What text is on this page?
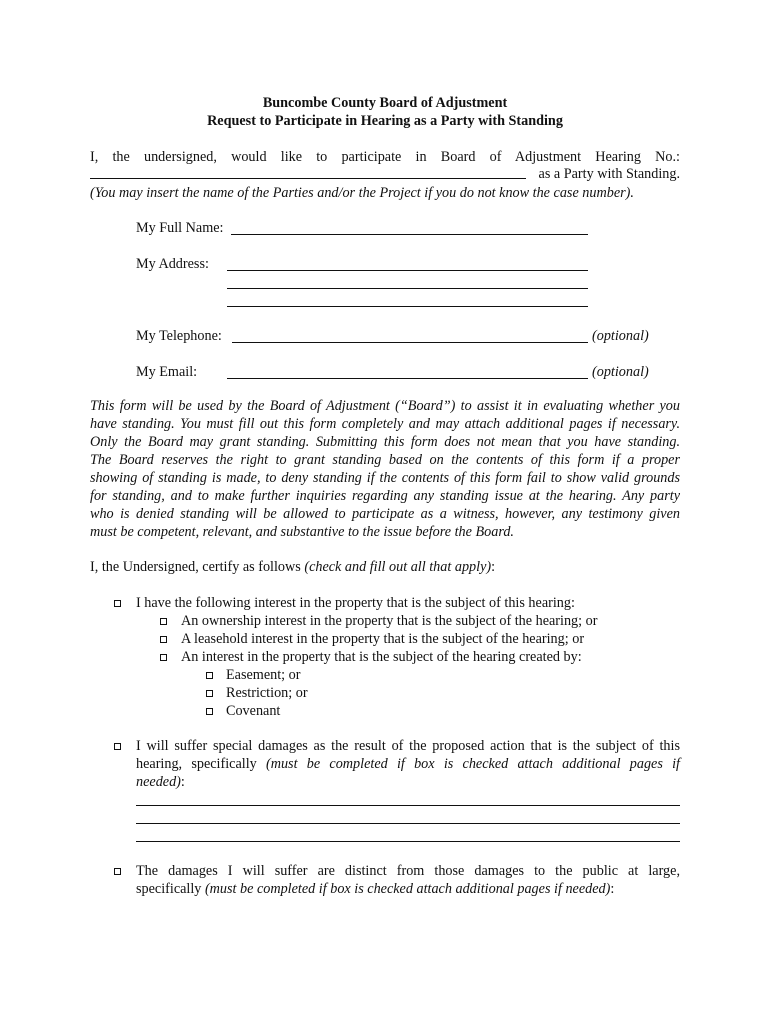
Buncombe County Board of Adjustment
Request to Participate in Hearing as a Party with Standing
I, the undersigned, would like to participate in Board of Adjustment Hearing No.:
as a Party with Standing.
(You may insert the name of the Parties and/or the Project if you do not know the case number).
My Full Name:
My Address:
My Telephone:	(optional)
My Email:	(optional)
This form will be used by the Board of Adjustment (“Board”) to assist it in evaluating whether you
have standing. You must fill out this form completely and may attach additional pages if necessary.
Only the Board may grant standing. Submitting this form does not mean that you have standing.
The Board reserves the right to grant standing based on the contents of this form if a proper
showing of standing is made, to deny standing if the contents of this form fail to show valid grounds
for standing, and to make further inquiries regarding any standing issue at the hearing. Any party
who is denied standing will be allowed to participate as a witness, however, any testimony given
must be competent, relevant, and substantive to the issue before the Board.
I, the Undersigned, certify as follows (check and fill out all that apply):
I have the following interest in the property that is the subject of this hearing:
An ownership interest in the property that is the subject of the hearing; or
A leasehold interest in the property that is the subject of the hearing; or
An interest in the property that is the subject of the hearing created by:
Easement; or
Restriction; or
Covenant
I will suffer special damages as the result of the proposed action that is the subject of this
hearing, specifically (must be completed if box is checked attach additional pages if
needed):
The damages I will suffer are distinct from those damages to the public at large,
specifically (must be completed if box is checked attach additional pages if needed):
